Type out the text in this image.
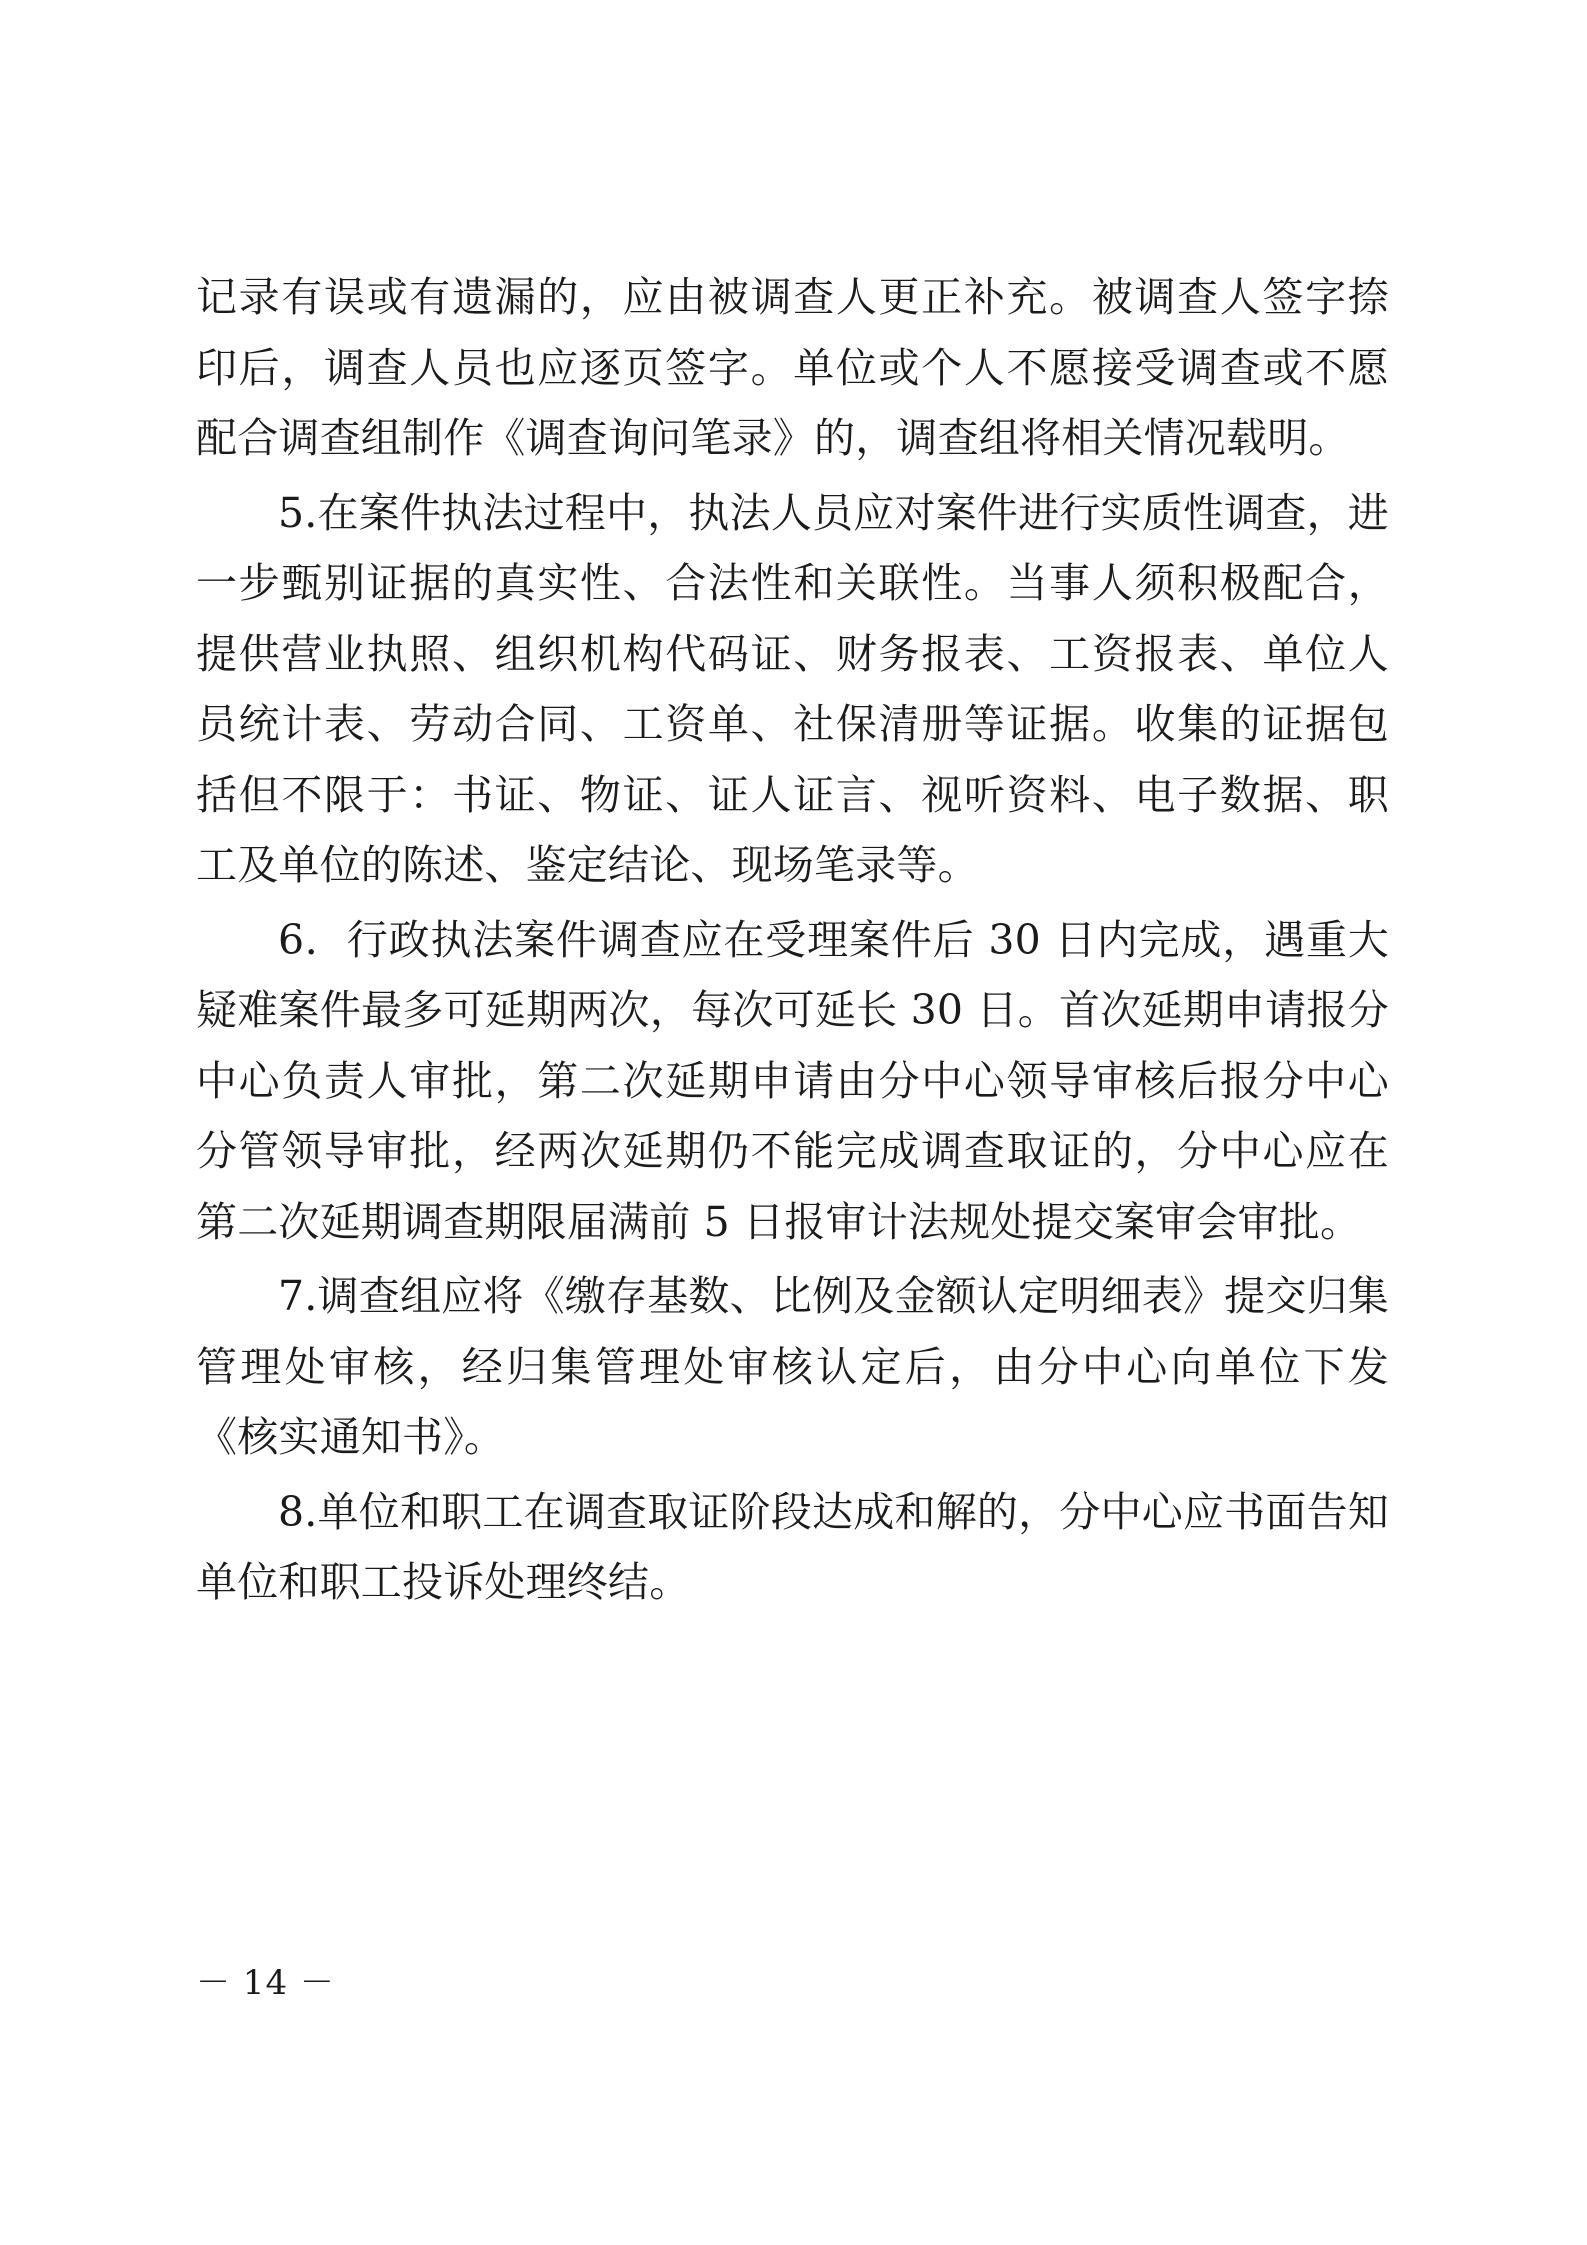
记录有误或有遗漏的，应由被调查人更正补充。被调查人签字捺印后，调查人员也应逐页签字。单位或个人不愿接受调查或不愿配合调查组制作《调查询问笔录》的，调查组将相关情况载明。

5.在案件执法过程中，执法人员应对案件进行实质性调查，进一步甄别证据的真实性、合法性和关联性。当事人须积极配合，提供营业执照、组织机构代码证、财务报表、工资报表、单位人员统计表、劳动合同、工资单、社保清册等证据。收集的证据包括但不限于：书证、物证、证人证言、视听资料、电子数据、职工及单位的陈述、鉴定结论、现场笔录等。

6．行政执法案件调查应在受理案件后 30 日内完成，遇重大疑难案件最多可延期两次，每次可延长 30 日。首次延期申请报分中心负责人审批，第二次延期申请由分中心领导审核后报分中心分管领导审批，经两次延期仍不能完成调查取证的，分中心应在第二次延期调查期限届满前 5 日报审计法规处提交案审会审批。

7.调查组应将《缴存基数、比例及金额认定明细表》提交归集管理处审核，经归集管理处审核认定后，由分中心向单位下发《核实通知书》。

8.单位和职工在调查取证阶段达成和解的，分中心应书面告知单位和职工投诉处理终结。

－ 14 －
